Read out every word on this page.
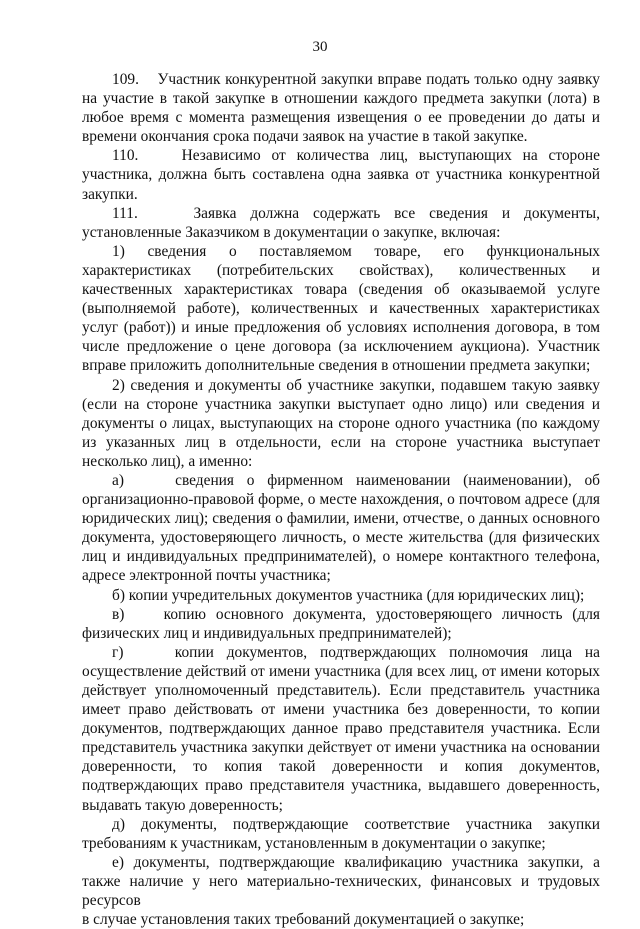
30

109.    Участник конкурентной закупки вправе подать только одну заявку на участие в такой закупке в отношении каждого предмета закупки (лота) в любое время с момента размещения извещения о ее проведении до даты и времени окончания срока подачи заявок на участие в такой закупке.

110.    Независимо от количества лиц, выступающих на стороне участника, должна быть составлена одна заявка от участника конкурентной закупки.

111.    Заявка должна содержать все сведения и документы, установленные Заказчиком в документации о закупке, включая:

1) сведения о поставляемом товаре, его функциональных характеристиках (потребительских свойствах), количественных и качественных характеристиках товара (сведения об оказываемой услуге (выполняемой работе), количественных и качественных характеристиках услуг (работ)) и иные предложения об условиях исполнения договора, в том числе предложение о цене договора (за исключением аукциона). Участник вправе приложить дополнительные сведения в отношении предмета закупки;

2) сведения и документы об участнике закупки, подавшем такую заявку (если на стороне участника закупки выступает одно лицо) или сведения и документы о лицах, выступающих на стороне одного участника (по каждому из указанных лиц в отдельности, если на стороне участника выступает несколько лиц), а именно:

а)    сведения о фирменном наименовании (наименовании), об организационно-правовой форме, о месте нахождения, о почтовом адресе (для юридических лиц); сведения о фамилии, имени, отчестве, о данных основного документа, удостоверяющего личность, о месте жительства (для физических лиц и индивидуальных предпринимателей), о номере контактного телефона, адресе электронной почты участника;

б) копии учредительных документов участника (для юридических лиц);

в)    копию основного документа, удостоверяющего личность (для физических лиц и индивидуальных предпринимателей);

г)    копии документов, подтверждающих полномочия лица на осуществление действий от имени участника (для всех лиц, от имени которых действует уполномоченный представитель). Если представитель участника имеет право действовать от имени участника без доверенности, то копии документов, подтверждающих данное право представителя участника. Если представитель участника закупки действует от имени участника на основании доверенности, то копия такой доверенности и копия документов, подтверждающих право представителя участника, выдавшего доверенность, выдавать такую доверенность;

д) документы, подтверждающие соответствие участника закупки требованиям к участникам, установленным в документации о закупке;

е) документы, подтверждающие квалификацию участника закупки, а также наличие у него материально-технических, финансовых и трудовых ресурсов

в случае установления таких требований документацией о закупке;
